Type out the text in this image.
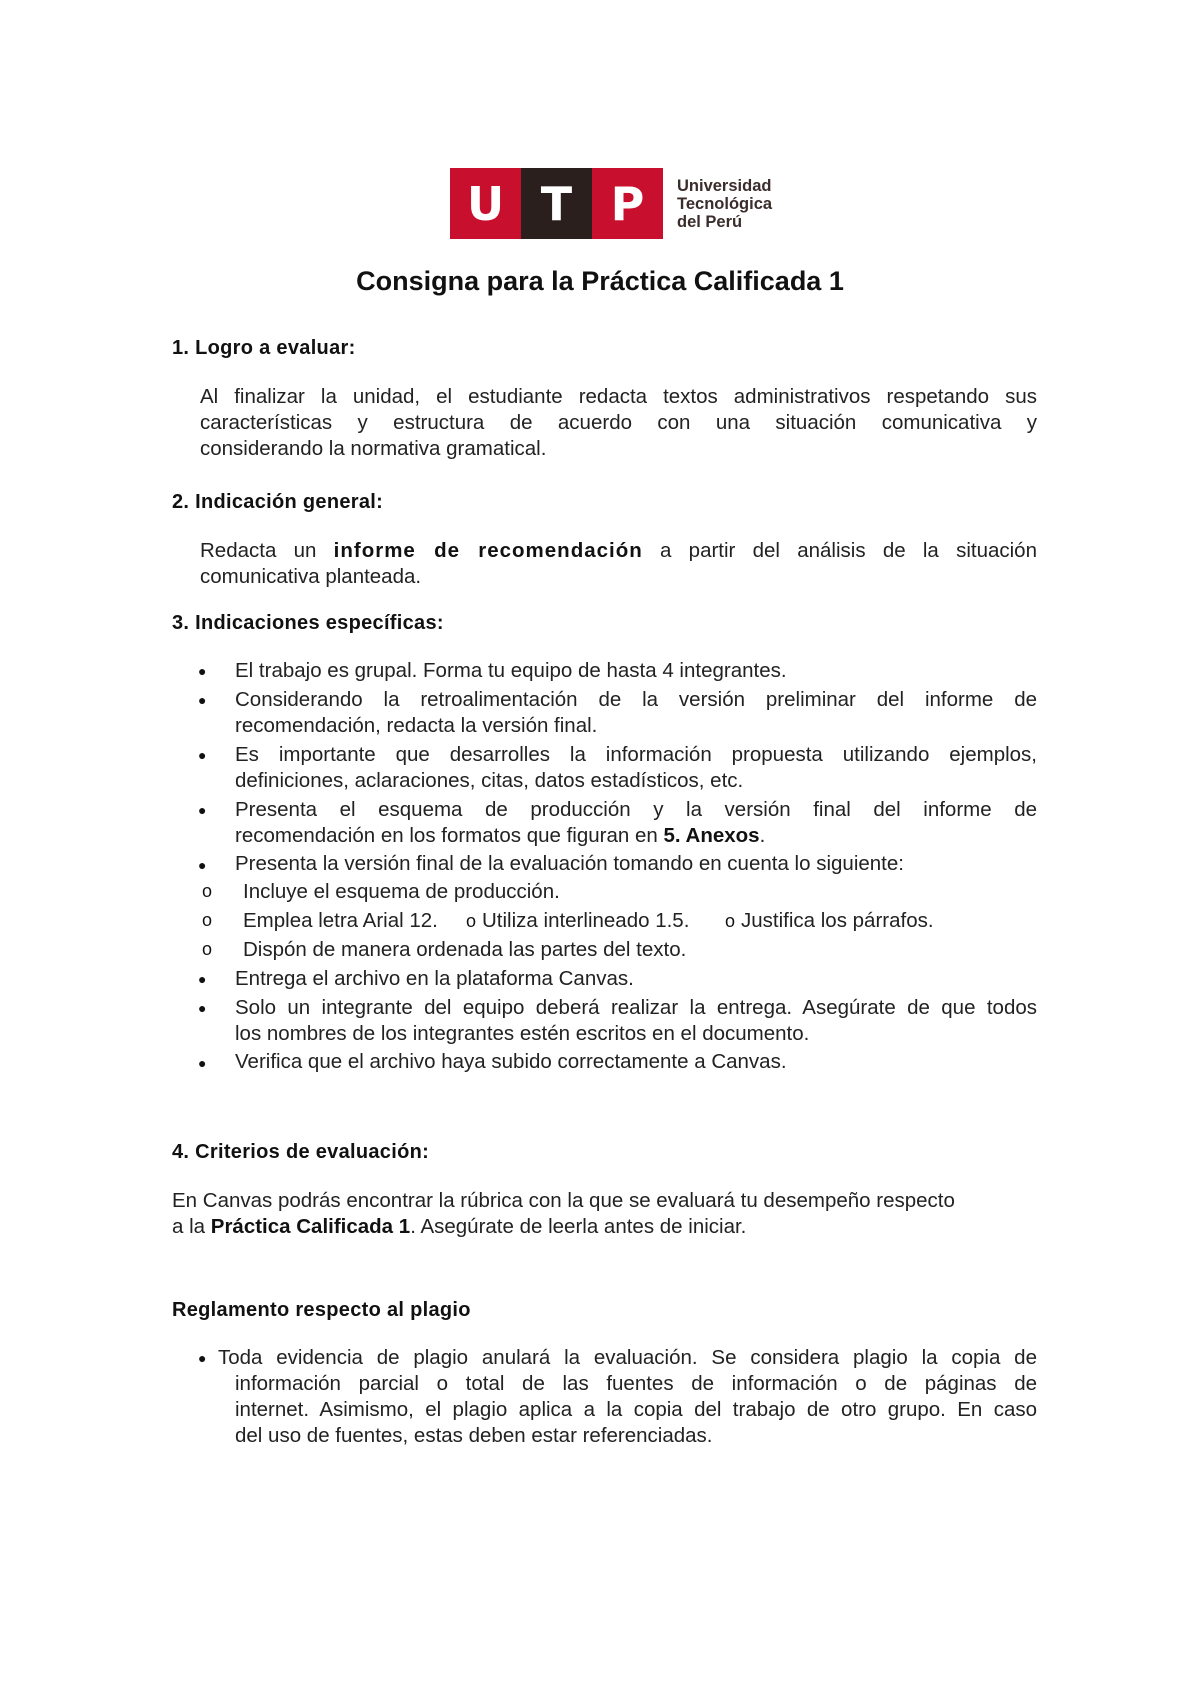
U T P	Universidad
Tecnológica
del Perú
Consigna para la Práctica Calificada 1
1. Logro a evaluar:
Al finalizar la unidad, el estudiante redacta textos administrativos respetando sus
características y estructura de acuerdo con una situación comunicativa y
considerando la normativa gramatical.
2. Indicación general:
Redacta un informe de recomendación a partir del análisis de la situación
comunicativa planteada.
3. Indicaciones específicas:
● El trabajo es grupal. Forma tu equipo de hasta 4 integrantes.
● Considerando la retroalimentación de la versión preliminar del informe de
recomendación, redacta la versión final.
● Es importante que desarrolles la información propuesta utilizando ejemplos,
definiciones, aclaraciones, citas, datos estadísticos, etc.
● Presenta el esquema de producción y la versión final del informe de
recomendación en los formatos que figuran en 5. Anexos.
● Presenta la versión final de la evaluación tomando en cuenta lo siguiente:
o Incluye el esquema de producción.
o Emplea letra Arial 12. o Utiliza interlineado 1.5. o Justifica los párrafos.
o Dispón de manera ordenada las partes del texto.
● Entrega el archivo en la plataforma Canvas.
● Solo un integrante del equipo deberá realizar la entrega. Asegúrate de que todos
los nombres de los integrantes estén escritos en el documento.
● Verifica que el archivo haya subido correctamente a Canvas.
4. Criterios de evaluación:
En Canvas podrás encontrar la rúbrica con la que se evaluará tu desempeño respecto
a la Práctica Calificada 1. Asegúrate de leerla antes de iniciar.
Reglamento respecto al plagio
● Toda evidencia de plagio anulará la evaluación. Se considera plagio la copia de
información parcial o total de las fuentes de información o de páginas de
internet. Asimismo, el plagio aplica a la copia del trabajo de otro grupo. En caso
del uso de fuentes, estas deben estar referenciadas.
